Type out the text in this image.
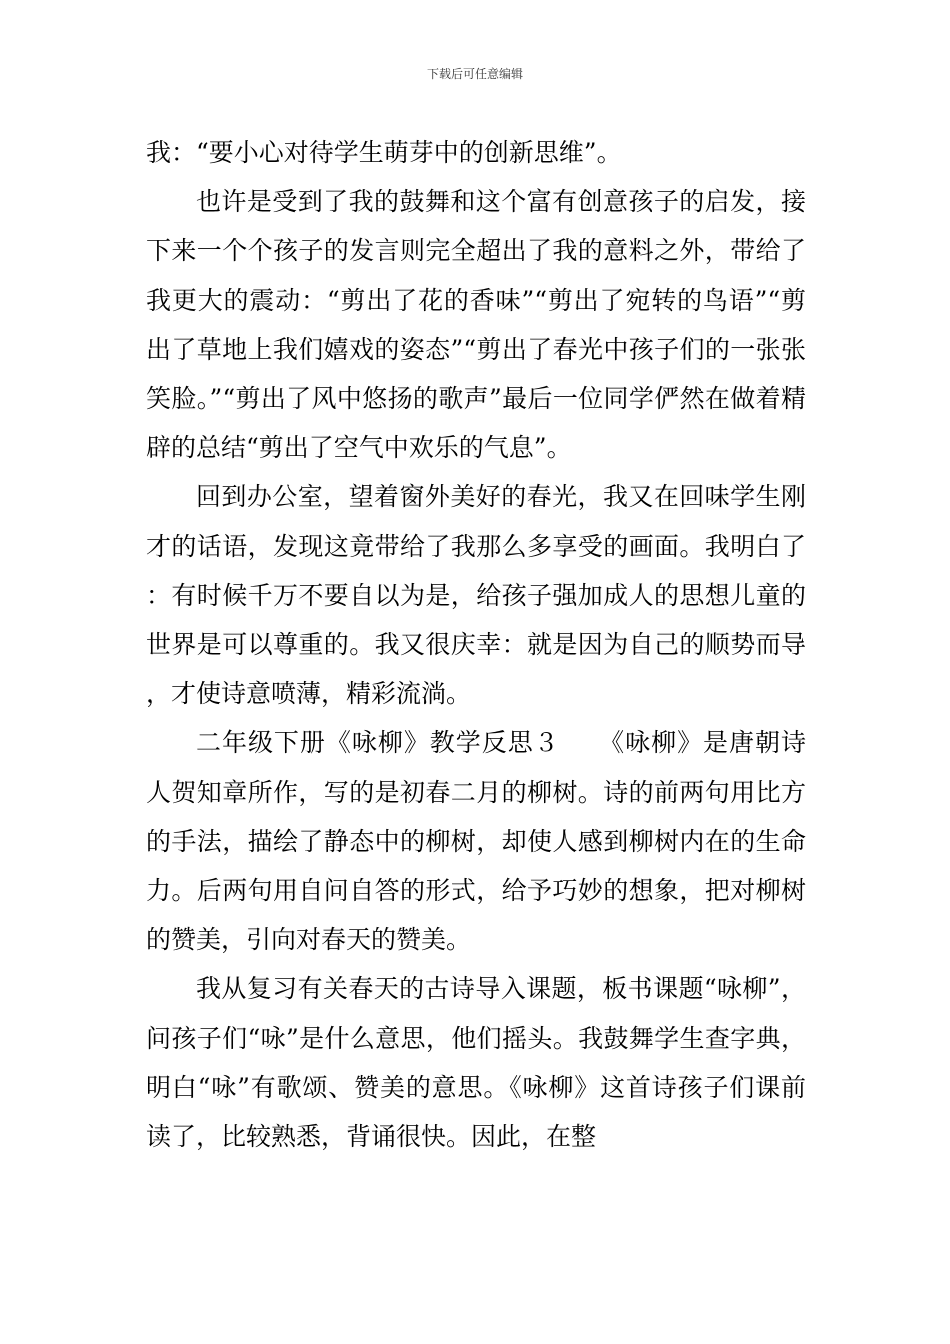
下载后可任意编辑

我：“要小心对待学生萌芽中的创新思维”。

也许是受到了我的鼓舞和这个富有创意孩子的启发，接下来一个个孩子的发言则完全超出了我的意料之外，带给了我更大的震动：“剪出了花的香味”“剪出了宛转的鸟语”“剪出了草地上我们嬉戏的姿态”“剪出了春光中孩子们的一张张笑脸。”“剪出了风中悠扬的歌声”最后一位同学俨然在做着精辟的总结“剪出了空气中欢乐的气息”。

回到办公室，望着窗外美好的春光，我又在回味学生刚才的话语，发现这竟带给了我那么多享受的画面。我明白了：有时候千万不要自以为是，给孩子强加成人的思想儿童的世界是可以尊重的。我又很庆幸：就是因为自己的顺势而导，才使诗意喷薄，精彩流淌。

二年级下册《咏柳》教学反思３　　《咏柳》是唐朝诗人贺知章所作，写的是初春二月的柳树。诗的前两句用比方的手法，描绘了静态中的柳树，却使人感到柳树内在的生命力。后两句用自问自答的形式，给予巧妙的想象，把对柳树的赞美，引向对春天的赞美。

我从复习有关春天的古诗导入课题，板书课题“咏柳”，问孩子们“咏”是什么意思，他们摇头。我鼓舞学生查字典，明白“咏”有歌颂、赞美的意思。《咏柳》这首诗孩子们课前读了，比较熟悉，背诵很快。因此，在整
